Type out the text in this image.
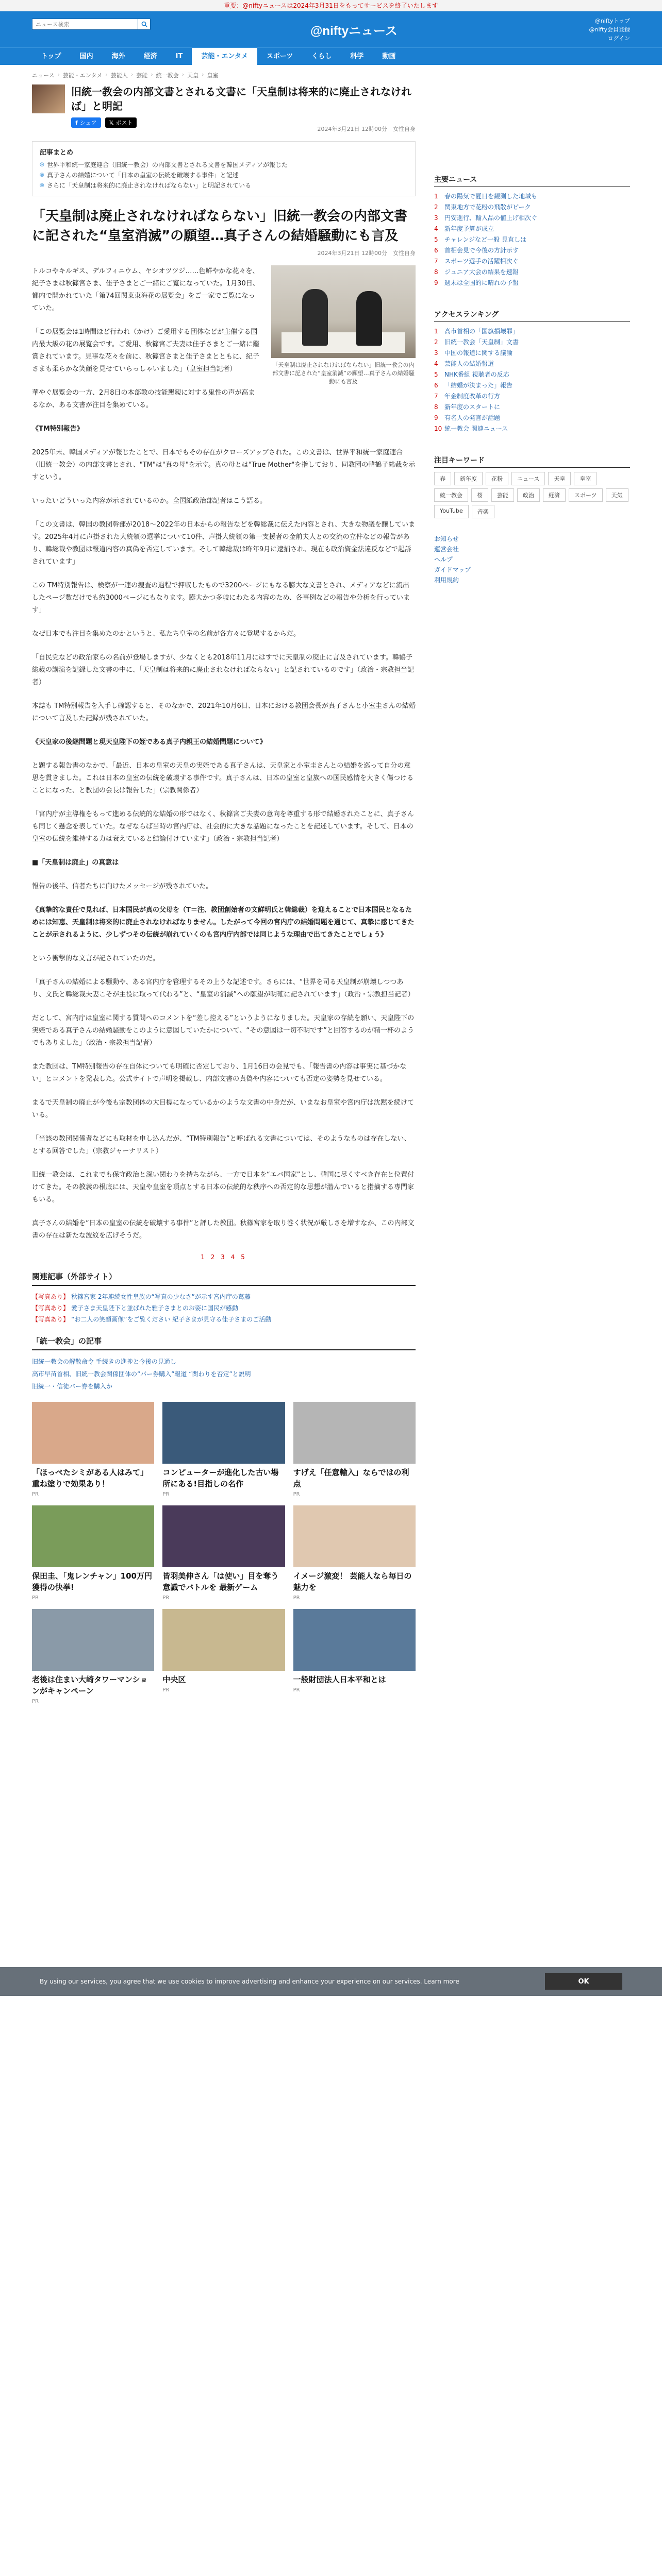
重要：@niftyニュースは2024年3月31日をもってサービスを終了いたします
ニュース検索
@niftyニュース
@niftyトップ
@nifty会員登録
ログイン
トップ	国内	海外	経済	IT	芸能・エンタメ	スポーツ	くらし	科学	動画
ニュース › 芸能・エンタメ › 芸能人 › 芸能 › 統一教会 › 天皇 › 皇室
旧統一教会の内部文書とされる文書に「天皇制は将来的に廃止されなければ」と明記
f シェア 𝕏 ポスト
2024年3月21日 12時00分　女性自身
記事まとめ
◎ 世界平和統一家庭連合（旧統一教会）の内部文書とされる文書を韓国メディアが報じた
◎ 真子さんの結婚について「日本の皇室の伝統を破壊する事件」と記述
◎ さらに「天皇制は将来的に廃止されなければならない」と明記されている
「天皇制は廃止されなければならない」旧統一教会の内部文書に記された“皇室消滅”の願望…真子さんの結婚騒動にも言及
2024年3月21日 12時00分　女性自身

トルコやキルギス、デルフィニウム、ヤシオツツジ……色鮮やかな花々を、紀子さまは秋篠宮さま、佳子さまとご一緒にご覧になっていた。1月30日、都内で開かれていた「第74回関東東海花の展覧会」をご一家でご覧になっていた。

「この展覧会は1時間ほど行われ（かけ）ご愛用する団体などが主催する国内最大級の花の展覧会です。ご愛用、秋篠宮ご夫妻は佳子さまとご一緒に鑑賞されています。見事な花々を前に、秋篠宮さまと佳子さまとともに、紀子さまも柔らかな笑顔を見せていらっしゃいました」（皇室担当記者）

華やぐ展覧会の一方、2月8日の本部教の技能懇親に対する鬼性の声が高まるなか、ある文書が注目を集めている。

「天皇制は廃止されなければならない」旧統一教会の内部文書に記された“皇室消滅”の願望…真子さんの結婚騒動にも言及

《TM特別報告》

2025年末、韓国メディアが報じたことで、日本でもその存在がクローズアップされた。この文書は、世界平和統一家庭連合（旧統一教会）の内部文書とされ、"TM"は"真の母"を示す。真の母とは"True Mother"を指しており、同教団の韓鶴子総裁を示すという。

いったいどういった内容が示されているのか。全国紙政治部記者はこう語る。

「この文書は、韓国の教団幹部が2018～2022年の日本からの報告などを韓総裁に伝えた内容とされ、大きな物議を醸しています。2025年4月に声掛された大統領の選挙について10件、声掛大統領の第一支援者の金前夫人との交流の立件などの報告があり、韓総裁や教団は報道内容の真偽を否定しています。そして韓総裁は昨年9月に逮捕され、現在も政治資金法違反などで起訴されています」

この TM特別報告は、検察が一連の捜査の過程で押収したもので3200ページにもなる膨大な文書とされ、メディアなどに流出したページ数だけでも約3000ページにもなります。膨大かつ多岐にわたる内容のため、各事例などの報告や分析を行っています」

なぜ日本でも注目を集めたのかというと、私たち皇室の名前が各方々に登場するからだ。

「自民党などの政治家らの名前が登場しますが、少なくとも2018年11月にはすでに天皇制の廃止に言及されています。韓鶴子総裁の講演を記録した文書の中に、「天皇制は将来的に廃止されなければならない」と記されているのです」（政治・宗教担当記者）

本誌も TM特別報告を入手し確認すると、そのなかで、2021年10月6日、日本における教団会長が真子さんと小室圭さんの結婚について言及した記録が残されていた。

《天皇家の後継問題と現天皇陛下の姪である真子内親王の結婚問題について》

と題する報告書のなかで、「最近、日本の皇室の天皇の実姪である真子さんは、天皇家と小室圭さんとの結婚を巡って自分の意思を貫きました。これは日本の皇室の伝統を破壊する事件です。真子さんは、日本の皇室と皇族への国民感情を大きく傷つけることになった、と教団の会長は報告した」（宗教関係者）

「宮内庁が主導権をもって進める伝統的な結婚の形ではなく、秋篠宮ご夫妻の意向を尊重する形で結婚されたことに、真子さんも同じく懸念を表していた。なぜならば当時の宮内庁は、社会的に大きな話題になったことを記述しています。そして、日本の皇室の伝統を維持する力は衰えていると結論付けています」（政治・宗教担当記者）

■「天皇制は廃止」の真意は

報告の後半、信者たちに向けたメッセージが残されていた。

《真摯的な責任で見れば、日本国民が真の父母を（T＝注、教団創始者の文鮮明氏と韓総裁）を迎えることで日本国民となるためには知恵、天皇制は将来的に廃止されなければなりません。したがって今回の宮内庁の結婚問題を通じて、真摯に感じてきたことが示されるように、少しずつその伝統が崩れていくのも宮内庁内部では同じような理由で出てきたことでしょう》

という衝撃的な文言が記されていたのだ。

「真子さんの結婚による騒動や、ある宮内庁を管理するその上うな記述です。さらには、“世界を司る天皇制が崩壊しつつあり、文氏と韓総裁夫妻こそが主役に取って代わる”と、“皇室の消滅”への願望が明確に記されています」（政治・宗教担当記者）

だとして、宮内庁は皇室に関する質問へのコメントを“差し控える”というようになりました。天皇家の存続を願い、天皇陛下の実姪である真子さんの結婚騒動をこのように意図していたかについて、“その意図は一切不明です”と回答するのが精一杯のようでもありました」（政治・宗教担当記者）

また教団は、TM特別報告の存在自体についても明確に否定しており、1月16日の会見でも、「報告書の内容は事実に基づかない」とコメントを発表した。公式サイトで声明を掲載し、内部文書の真偽や内容についても否定の姿勢を見せている。

まるで天皇制の廃止が今後も宗教団体の大目標になっているかのような文書の中身だが、いまなお皇室や宮内庁は沈黙を続けている。

「当該の教団関係者などにも取材を申し込んだが、“TM特別報告”と呼ばれる文書については、そのようなものは存在しない、とする回答でした」（宗教ジャーナリスト）

旧統一教会は、これまでも保守政治と深い関わりを持ちながら、一方で日本を“エバ国家”とし、韓国に尽くすべき存在と位置付けてきた。その教義の根底には、天皇や皇室を頂点とする日本の伝統的な秩序への否定的な思想が潜んでいると指摘する専門家もいる。

真子さんの結婚を“日本の皇室の伝統を破壊する事件”と評した教団。秋篠宮家を取り巻く状況が厳しさを増すなか、この内部文書の存在は新たな波紋を広げそうだ。

1 2 3 4 5
関連記事（外部サイト）
【写真あり】 秋篠宮家 2年連続女性皇族の“写真の少なさ”が示す宮内庁の葛藤
【写真あり】 愛子さま天皇陛下と並ばれた雅子さまとのお姿に国民が感動
【写真あり】 “お二人の笑顔画像”をご覧ください 紀子さまが見守る佳子さまのご活動
「統一教会」の記事
旧統一教会の解散命令 手続きの進捗と今後の見通し
高市早苗首相、旧統一教会関係団体の“パー券購入”報道 “関わりを否定”と説明
旧統一・信徒バー券を購入か
「ほっぺたシミがある人はみて」重ね塗りで効果あり！
PR
コンピューターが進化した古い場所にある!目指しの名作
PR
すげえ「任意輸入」ならではの利点
PR
保田圭、「鬼レンチャン」100万円獲得の快挙!
PR
皆羽美伸さん「は使い」目を奪う意識でバトルを 最新ゲーム
PR
イメージ激変！ 芸能人なら毎日の魅力を
PR
老後は住まい大崎タワーマンションがキャンペーン
PR
中央区
PR
一般財団法人日本平和とは
PR
主要ニュース
1	春の陽気で夏日を観測した地域も
2	関東地方で花粉の飛散がピーク
3	円安進行、輸入品の値上げ相次ぐ
4	新年度予算が成立
5	チャレンジなど一般 見直しは
6	首相会見で今後の方針示す
7	スポーツ選手の活躍相次ぐ
8	ジュニア大会の結果を速報
9	週末は全国的に晴れの予報
アクセスランキング
1	高市首相の「国旗損壊罪」
2	旧統一教会「天皇制」文書
3	中国の報道に関する議論
4	芸能人の結婚報道
5	NHK番組 視聴者の反応
6	「結婚が決まった」報告
7	年金制度改革の行方
8	新年度のスタートに
9	有名人の発言が話題
10 統一教会 関連ニュース
注目キーワード
春	新年度	花粉	ニュース	天皇	皇室
統一教会	桜	芸能	政治	経済	スポーツ	天気
YouTube	音楽
お知らせ
運営会社
ヘルプ
ガイドマップ
利用規約
By using our services, you agree that we use cookies to improve advertising and enhance your experience on our services. Learn more	OK
